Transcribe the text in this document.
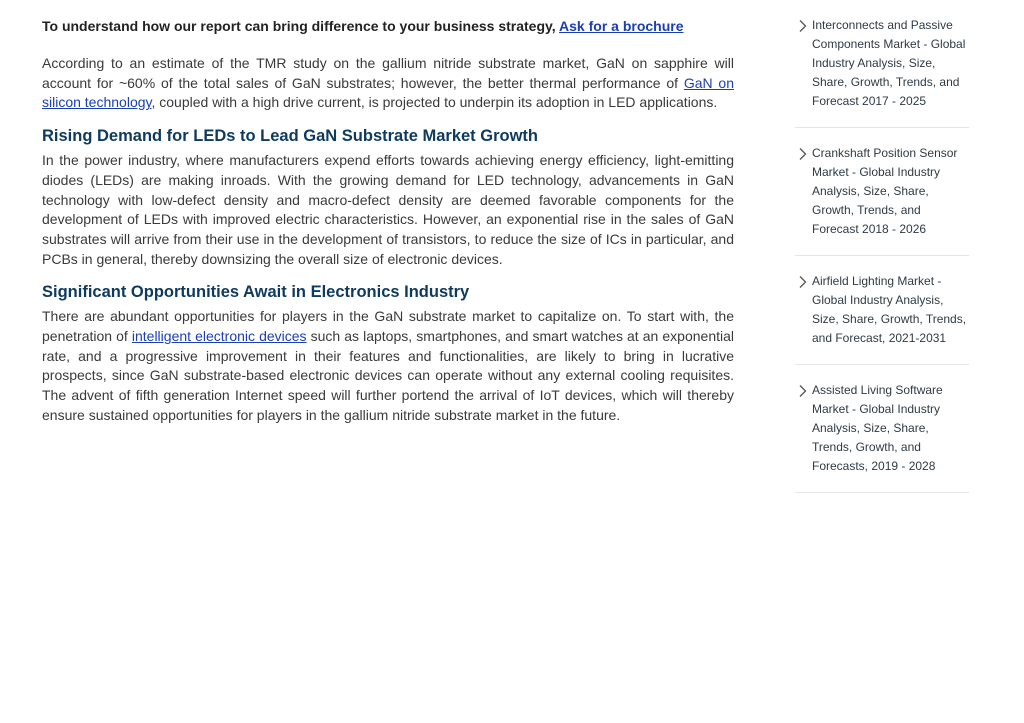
To understand how our report can bring difference to your business strategy, Ask for a brochure

According to an estimate of the TMR study on the gallium nitride substrate market, GaN on sapphire will account for ~60% of the total sales of GaN substrates; however, the better thermal performance of GaN on silicon technology, coupled with a high drive current, is projected to underpin its adoption in LED applications.

Rising Demand for LEDs to Lead GaN Substrate Market Growth

In the power industry, where manufacturers expend efforts towards achieving energy efficiency, light-emitting diodes (LEDs) are making inroads. With the growing demand for LED technology, advancements in GaN technology with low-defect density and macro-defect density are deemed favorable components for the development of LEDs with improved electric characteristics. However, an exponential rise in the sales of GaN substrates will arrive from their use in the development of transistors, to reduce the size of ICs in particular, and PCBs in general, thereby downsizing the overall size of electronic devices.

Significant Opportunities Await in Electronics Industry

There are abundant opportunities for players in the GaN substrate market to capitalize on. To start with, the penetration of intelligent electronic devices such as laptops, smartphones, and smart watches at an exponential rate, and a progressive improvement in their features and functionalities, are likely to bring in lucrative prospects, since GaN substrate-based electronic devices can operate without any external cooling requisites. The advent of fifth generation Internet speed will further portend the arrival of IoT devices, which will thereby ensure sustained opportunities for players in the gallium nitride substrate market in the future.

Interconnects and Passive Components Market - Global Industry Analysis, Size, Share, Growth, Trends, and Forecast 2017 - 2025
Crankshaft Position Sensor Market - Global Industry Analysis, Size, Share, Growth, Trends, and Forecast 2018 - 2026
Airfield Lighting Market - Global Industry Analysis, Size, Share, Growth, Trends, and Forecast, 2021-2031
Assisted Living Software Market - Global Industry Analysis, Size, Share, Trends, Growth, and Forecasts, 2019 - 2028
